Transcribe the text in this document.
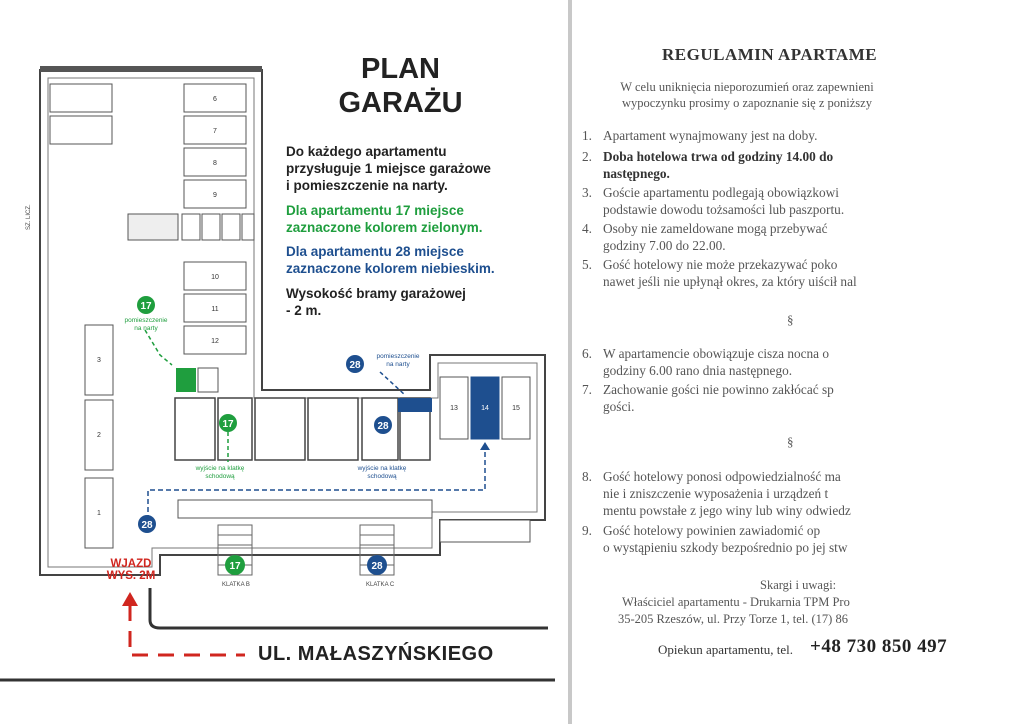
KLATKA B	KLATKA C
SZ. LICZ.
6
7
8
9
10
11
12
3
2
1
13	14	15
17
pomieszczenie
na narty
17
wyjście na klatkę
schodową
17
28
pomieszczenie
na narty
28
wyjście na klatkę
schodową
28
28
PLAN
GARAŻU
Do każdego apartamentu
przysługuje 1 miejsce garażowe
i pomieszczenie na narty.
Dla apartamentu 17 miejsce
zaznaczone kolorem zielonym.
Dla apartamentu 28 miejsce
zaznaczone kolorem niebieskim.
Wysokość bramy garażowej
- 2 m.
WJAZD
WYS. 2M
UL. MAŁASZYŃSKIEGO
REGULAMIN APARTAME
W celu uniknięcia nieporozumień oraz zapewnieni wypoczynku prosimy o zapoznanie się z poniższy
1. Apartament wynajmowany jest na doby.
2. Doba hotelowa trwa od godziny 14.00 do
następnego.
3. Goście apartamentu podlegają obowiązkowi
podstawie dowodu tożsamości lub paszportu.
4. Osoby nie zameldowane mogą przebywać
godziny 7.00 do 22.00.
5. Gość hotelowy nie może przekazywać poko
nawet jeśli nie upłynął okres, za który uiścił nal
§
6. W apartamencie obowiązuje cisza nocna o
godziny 6.00 rano dnia następnego.
7. Zachowanie gości nie powinno zakłócać sp
gości.
§
8. Gość hotelowy ponosi odpowiedzialność ma
nie i zniszczenie wyposażenia i urządzeń t
mentu powstałe z jego winy lub winy odwiedz
9. Gość hotelowy powinien zawiadomić op
o wystąpieniu szkody bezpośrednio po jej stw
Skargi i uwagi:
Właściciel apartamentu - Drukarnia TPM Pro
35-205 Rzeszów, ul. Przy Torze 1, tel. (17) 86
Opiekun apartamentu, tel. +48 730 850 497
